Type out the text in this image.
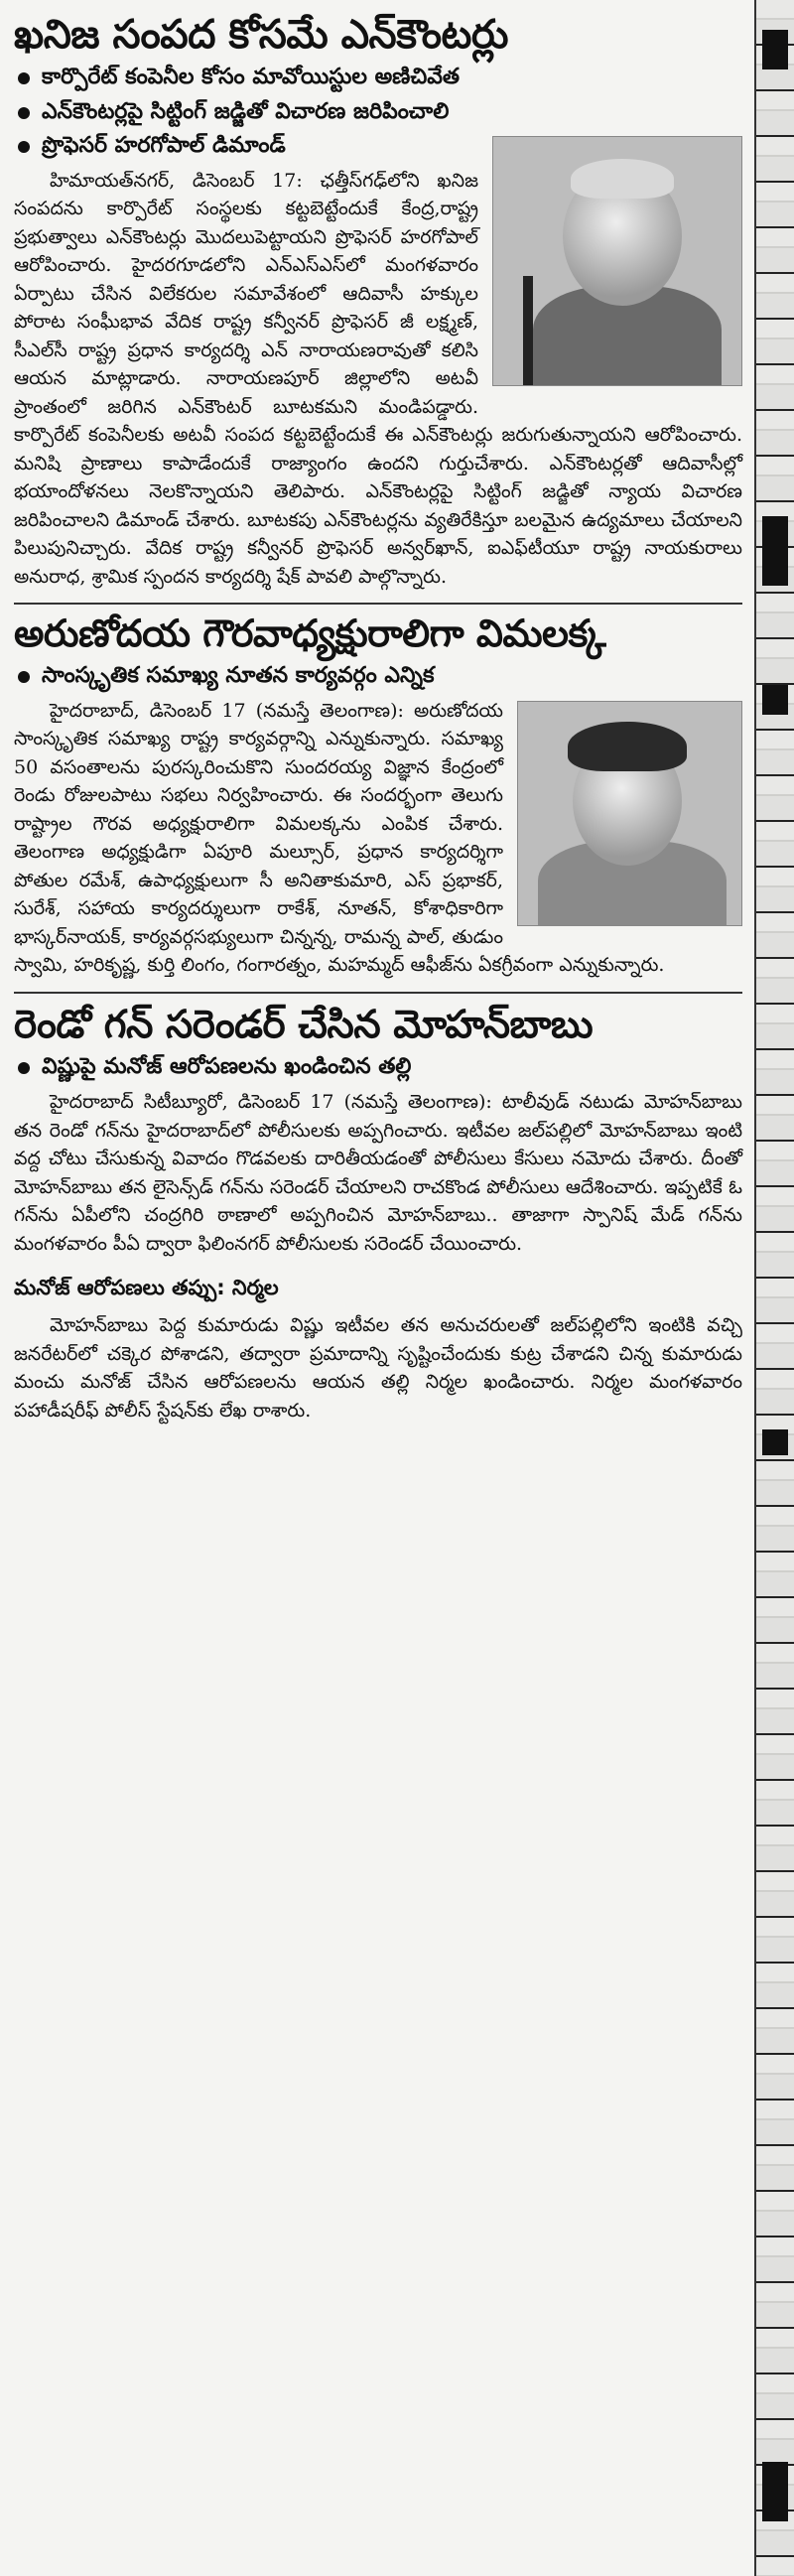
ఖనిజ సంపద కోసమే ఎన్‌కౌంటర్లు
కార్పొరేట్ కంపెనీల కోసం మావోయిస్టుల అణిచివేత
ఎన్‌కౌంటర్లపై సిట్టింగ్ జడ్జితో విచారణ జరిపించాలి
ప్రొఫెసర్ హరగోపాల్ డిమాండ్

హిమాయత్‌నగర్, డిసెంబర్ 17: ఛత్తీస్‌గఢ్‌లోని ఖనిజ సంపదను కార్పొరేట్ సంస్థలకు కట్టబెట్టేందుకే కేంద్ర,రాష్ట్ర ప్రభుత్వాలు ఎన్‌కౌంటర్లు మొదలుపెట్టాయని ప్రొఫెసర్ హరగోపాల్ ఆరోపించారు. హైదరగూడలోని ఎన్ఎస్ఎస్‌లో మంగళవారం ఏర్పాటు చేసిన విలేకరుల సమావేశంలో ఆదివాసీ హక్కుల పోరాట సంఘీభావ వేదిక రాష్ట్ర కన్వీనర్ ప్రొఫెసర్ జీ లక్ష్మణ్, సీఎల్‌సీ రాష్ట్ర ప్రధాన కార్యదర్శి ఎన్ నారాయణరావుతో కలిసి ఆయన మాట్లాడారు. నారాయణపూర్ జిల్లాలోని అటవీ ప్రాంతంలో జరిగిన ఎన్‌కౌంటర్ బూటకమని మండిపడ్డారు. కార్పొరేట్ కంపెనీలకు అటవీ సంపద కట్టబెట్టేందుకే ఈ ఎన్‌కౌంటర్లు జరుగుతున్నాయని ఆరోపించారు. మనిషి ప్రాణాలు కాపాడేందుకే రాజ్యాంగం ఉందని గుర్తుచేశారు. ఎన్‌కౌంటర్లతో ఆదివాసీల్లో భయాందోళనలు నెలకొన్నాయని తెలిపారు. ఎన్‌కౌంటర్లపై సిట్టింగ్ జడ్జితో న్యాయ విచారణ జరిపించాలని డిమాండ్ చేశారు. బూటకపు ఎన్‌కౌంటర్లను వ్యతిరేకిస్తూ బలమైన ఉద్యమాలు చేయాలని పిలుపునిచ్చారు. వేదిక రాష్ట్ర కన్వీనర్ ప్రొఫెసర్ అన్వర్‌ఖాన్, ఐఎఫ్‌టీయూ రాష్ట్ర నాయకురాలు అనురాధ, శ్రామిక స్పందన కార్యదర్శి షేక్ పావలి పాల్గొన్నారు.

అరుణోదయ గౌరవాధ్యక్షురాలిగా విమలక్క
సాంస్కృతిక సమాఖ్య నూతన కార్యవర్గం ఎన్నిక

హైదరాబాద్, డిసెంబర్ 17 (నమస్తే తెలంగాణ): అరుణోదయ సాంస్కృతిక సమాఖ్య రాష్ట్ర కార్యవర్గాన్ని ఎన్నుకున్నారు. సమాఖ్య 50 వసంతాలను పురస్కరించుకొని సుందరయ్య విజ్ఞాన కేంద్రంలో రెండు రోజులపాటు సభలు నిర్వహించారు. ఈ సందర్భంగా తెలుగు రాష్ట్రాల గౌరవ అధ్యక్షురాలిగా విమలక్కను ఎంపిక చేశారు. తెలంగాణ అధ్యక్షుడిగా ఏపూరి మల్సూర్, ప్రధాన కార్యదర్శిగా పోతుల రమేశ్, ఉపాధ్యక్షులుగా సీ అనితాకుమారి, ఎస్ ప్రభాకర్, సురేశ్, సహాయ కార్యదర్శులుగా రాకేశ్, నూతన్, కోశాధికారిగా భాస్కర్‌నాయక్, కార్యవర్గసభ్యులుగా చిన్నన్న, రామన్న పాల్, తుడుం స్వామి, హరికృష్ణ, కుర్తి లింగం, గంగారత్నం, మహమ్మద్ ఆఫీజ్‌ను ఏకగ్రీవంగా ఎన్నుకున్నారు.

రెండో గన్ సరెండర్ చేసిన మోహన్‌బాబు
విష్ణుపై మనోజ్ ఆరోపణలను ఖండించిన తల్లి

హైదరాబాద్ సిటీబ్యూరో, డిసెంబర్ 17 (నమస్తే తెలంగాణ): టాలీవుడ్ నటుడు మోహన్‌బాబు తన రెండో గన్‌ను హైదరాబాద్‌లో పోలీసులకు అప్పగించారు. ఇటీవల జల్‌పల్లిలో మోహన్‌బాబు ఇంటి వద్ద చోటు చేసుకున్న వివాదం గొడవలకు దారితీయడంతో పోలీసులు కేసులు నమోదు చేశారు. దీంతో మోహన్‌బాబు తన లైసెన్స్‌డ్ గన్‌ను సరెండర్ చేయాలని రాచకొండ పోలీసులు ఆదేశించారు. ఇప్పటికే ఓ గన్‌ను ఏపీలోని చంద్రగిరి ఠాణాలో అప్పగించిన మోహన్‌బాబు.. తాజాగా స్పానిష్ మేడ్ గన్‌ను మంగళవారం పీఏ ద్వారా ఫిలింనగర్ పోలీసులకు సరెండర్ చేయించారు.

మనోజ్ ఆరోపణలు తప్పు: నిర్మల

మోహన్‌బాబు పెద్ద కుమారుడు విష్ణు ఇటీవల తన అనుచరులతో జల్‌పల్లిలోని ఇంటికి వచ్చి జనరేటర్‌లో చక్కెర పోశాడని, తద్వారా ప్రమాదాన్ని సృష్టించేందుకు కుట్ర చేశాడని చిన్న కుమారుడు మంచు మనోజ్ చేసిన ఆరోపణలను ఆయన తల్లి నిర్మల ఖండించారు. నిర్మల మంగళవారం పహాడీషరీఫ్ పోలీస్ స్టేషన్‌కు లేఖ రాశారు.
